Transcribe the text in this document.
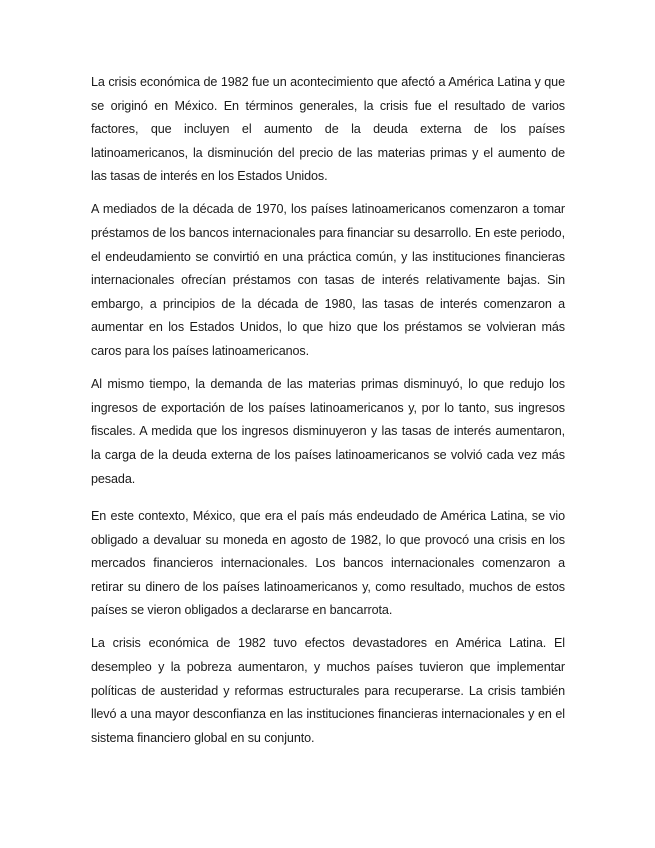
La crisis económica de 1982 fue un acontecimiento que afectó a América Latina y que se originó en México. En términos generales, la crisis fue el resultado de varios factores, que incluyen el aumento de la deuda externa de los países latinoamericanos, la disminución del precio de las materias primas y el aumento de las tasas de interés en los Estados Unidos.

A mediados de la década de 1970, los países latinoamericanos comenzaron a tomar préstamos de los bancos internacionales para financiar su desarrollo. En este periodo, el endeudamiento se convirtió en una práctica común, y las instituciones financieras internacionales ofrecían préstamos con tasas de interés relativamente bajas. Sin embargo, a principios de la década de 1980, las tasas de interés comenzaron a aumentar en los Estados Unidos, lo que hizo que los préstamos se volvieran más caros para los países latinoamericanos.

Al mismo tiempo, la demanda de las materias primas disminuyó, lo que redujo los ingresos de exportación de los países latinoamericanos y, por lo tanto, sus ingresos fiscales. A medida que los ingresos disminuyeron y las tasas de interés aumentaron, la carga de la deuda externa de los países latinoamericanos se volvió cada vez más pesada.

En este contexto, México, que era el país más endeudado de América Latina, se vio obligado a devaluar su moneda en agosto de 1982, lo que provocó una crisis en los mercados financieros internacionales. Los bancos internacionales comenzaron a retirar su dinero de los países latinoamericanos y, como resultado, muchos de estos países se vieron obligados a declararse en bancarrota.

La crisis económica de 1982 tuvo efectos devastadores en América Latina. El desempleo y la pobreza aumentaron, y muchos países tuvieron que implementar políticas de austeridad y reformas estructurales para recuperarse. La crisis también llevó a una mayor desconfianza en las instituciones financieras internacionales y en el sistema financiero global en su conjunto.
